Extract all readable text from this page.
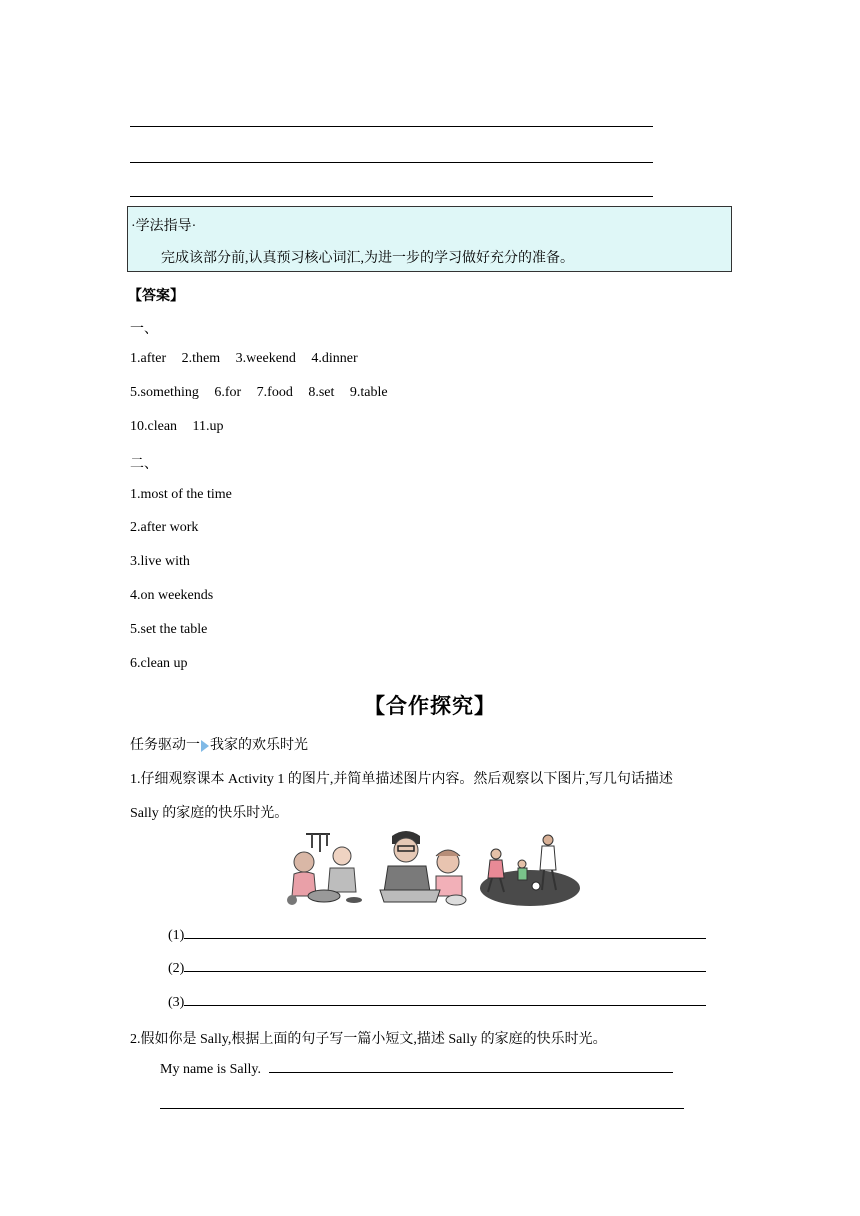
·学法指导·
完成该部分前,认真预习核心词汇,为进一步的学习做好充分的准备。
【答案】
一、
1.after 2.them 3.weekend 4.dinner
5.something 6.for 7.food 8.set 9.table
10.clean 11.up
二、
1.most of the time
2.after work
3.live with
4.on weekends
5.set the table
6.clean up
【合作探究】
任务驱动一 我家的欢乐时光
1.仔细观察课本 Activity 1 的图片,并简单描述图片内容。然后观察以下图片,写几句话描述
Sally 的家庭的快乐时光。
(1)
(2)
(3)
2.假如你是 Sally,根据上面的句子写一篇小短文,描述 Sally 的家庭的快乐时光。
My name is Sally.
